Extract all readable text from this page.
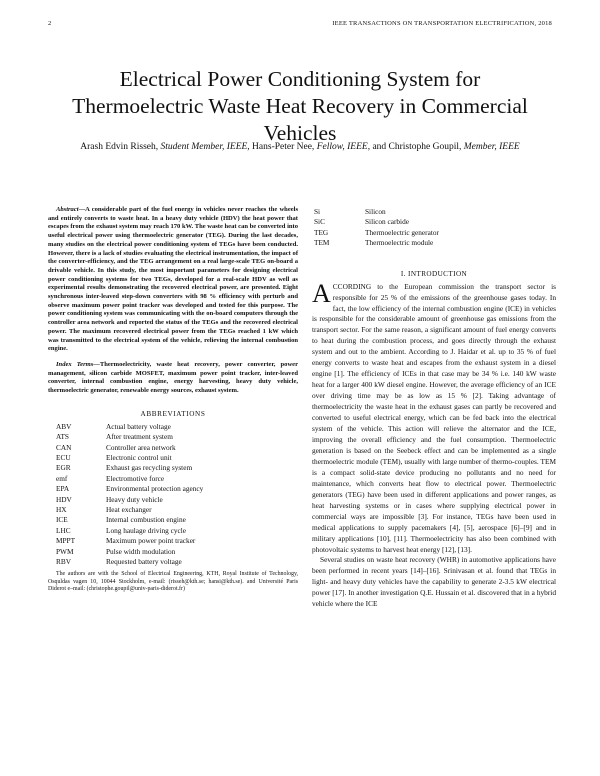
2	IEEE TRANSACTIONS ON TRANSPORTATION ELECTRIFICATION, 2018
Electrical Power Conditioning System for Thermoelectric Waste Heat Recovery in Commercial Vehicles
Arash Edvin Risseh, Student Member, IEEE, Hans-Peter Nee, Fellow, IEEE, and Christophe Goupil, Member, IEEE

Abstract—A considerable part of the fuel energy in vehicles never reaches the wheels and entirely converts to waste heat. In a heavy duty vehicle (HDV) the heat power that escapes from the exhaust system may reach 170 kW. The waste heat can be converted into useful electrical power using thermoelectric generator (TEG). During the last decades, many studies on the electrical power conditioning system of TEGs have been conducted. However, there is a lack of studies evaluating the electrical instrumentation, the impact of the converter-efficiency, and the TEG arrangement on a real large-scale TEG on-board a drivable vehicle. In this study, the most important parameters for designing electrical power conditioning systems for two TEGs, developed for a real-scale HDV as well as experimental results demonstrating the recovered electrical power, are presented. Eight synchronous inter-leaved step-down converters with 98 % efficiency with perturb and observe maximum power point tracker was developed and tested for this purpose. The power conditioning system was communicating with the on-board computers through the controller area network and reported the status of the TEGs and the recovered electrical power. The maximum recovered electrical power from the TEGs reached 1 kW which was transmitted to the electrical system of the vehicle, relieving the internal combustion engine.

Index Terms—Thermoelectricity, waste heat recovery, power converter, power management, silicon carbide MOSFET, maximum power point tracker, inter-leaved converter, internal combustion engine, energy harvesting, heavy duty vehicle, thermoelectric generator, renewable energy sources, exhaust system.

ABBREVIATIONS
ABV	Actual battery voltage
ATS	After treatment system
CAN	Controller area network
ECU	Electronic control unit
EGR	Exhaust gas recycling system
emf	Electromotive force
EPA	Environmental protection agency
HDV	Heavy duty vehicle
HX	Heat exchanger
ICE	Internal combustion engine
LHC	Long haulage driving cycle
MPPT	Maximum power point tracker
PWM	Pulse width modulation
RBV	Requested battery voltage

The authors are with the School of Electrical Engineering, KTH, Royal Institute of Technology, Osquldas vagen 10, 10044 Stockholm, e-mail: (risseh@kth.se; hansi@kth.se). and Université Paris Diderot e–mail: (christophe.goupil@univ-paris-diderot.fr)

Si	Silicon
SiC	Silicon carbide
TEG	Thermoelectric generator
TEM	Thermoelectric module
I. INTRODUCTION

ACCORDING to the European commission the transport sector is responsible for 25 % of the emissions of the greenhouse gases today. In fact, the low efficiency of the internal combustion engine (ICE) in vehicles is responsible for the considerable amount of greenhouse gas emissions from the transport sector. For the same reason, a significant amount of fuel energy converts to heat during the combustion process, and goes directly through the exhaust system and out to the ambient. According to J. Haidar et al. up to 35 % of fuel energy converts to waste heat and escapes from the exhaust system in a diesel engine [1]. The efficiency of ICEs in that case may be 34 % i.e. 140 kW waste heat for a larger 400 kW diesel engine. However, the average efficiency of an ICE over driving time may be as low as 15 % [2]. Taking advantage of thermoelectricity the waste heat in the exhaust gases can partly be recovered and converted to useful electrical energy, which can be fed back into the electrical system of the vehicle. This action will relieve the alternator and the ICE, improving the overall efficiency and the fuel consumption. Thermoelectric generation is based on the Seebeck effect and can be implemented as a single thermoelectric module (TEM), usually with large number of thermo-couples. TEM is a compact solid-state device producing no pollutants and no need for maintenance, which converts heat flow to electrical power. Thermoelectric generators (TEG) have been used in different applications and power ranges, as heat harvesting systems or in cases where supplying electrical power in commercial ways are impossible [3]. For instance, TEGs have been used in medical applications to supply pacemakers [4], [5], aerospace [6]–[9] and in military applications [10], [11]. Thermoelectricity has also been combined with photovoltaic systems to harvest heat energy [12], [13].

Several studies on waste heat recovery (WHR) in automotive applications have been performed in recent years [14]–[16]. Srinivasan et al. found that TEGs in light- and heavy duty vehicles have the capability to generate 2-3.5 kW electrical power [17]. In another investigation Q.E. Hussain et al. discovered that in a hybrid vehicle where the ICE
